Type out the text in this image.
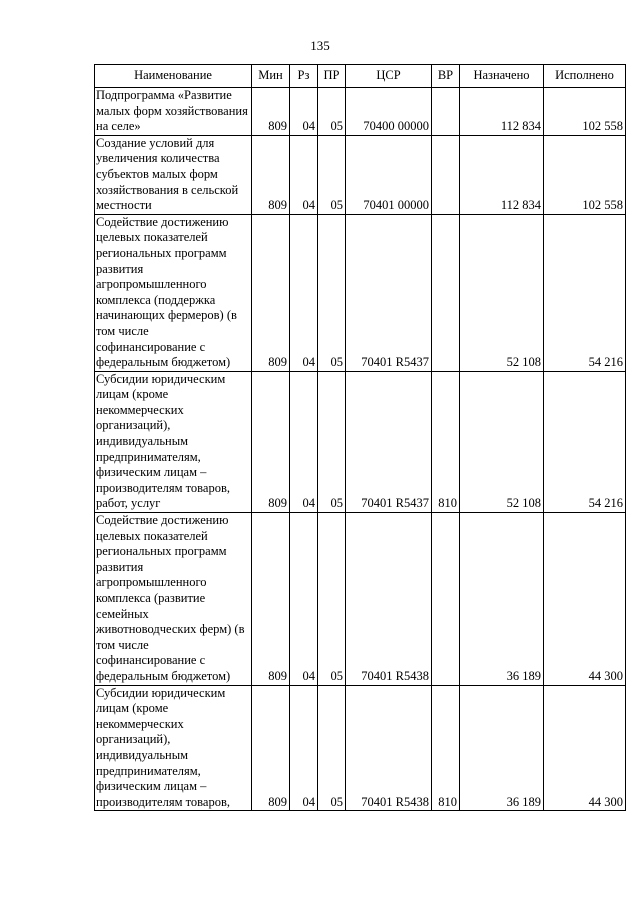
135
Наименование	Мин	Рз	ПР	ЦСР	ВР	Назначено	Исполнено
Подпрограмма «Развитие малых форм хозяйствования на селе»	809	04	05	70400 00000		112 834	102 558
Создание условий для увеличения количества субъектов малых форм хозяйствования в сельской местности	809	04	05	70401 00000		112 834	102 558
Содействие достижению целевых показателей региональных программ развития агропромышленного комплекса (поддержка начинающих фермеров) (в том числе софинансирование с федеральным бюджетом)	809	04	05	70401 R5437		52 108	54 216
Субсидии юридическим лицам (кроме некоммерческих организаций), индивидуальным предпринимателям, физическим лицам – производителям товаров, работ, услуг	809	04	05	70401 R5437	810	52 108	54 216
Содействие достижению целевых показателей региональных программ развития агропромышленного комплекса (развитие семейных животноводческих ферм) (в том числе софинансирование с федеральным бюджетом)	809	04	05	70401 R5438		36 189	44 300
Субсидии юридическим лицам (кроме некоммерческих организаций), индивидуальным предпринимателям, физическим лицам – производителям товаров,	809	04	05	70401 R5438	810	36 189	44 300
